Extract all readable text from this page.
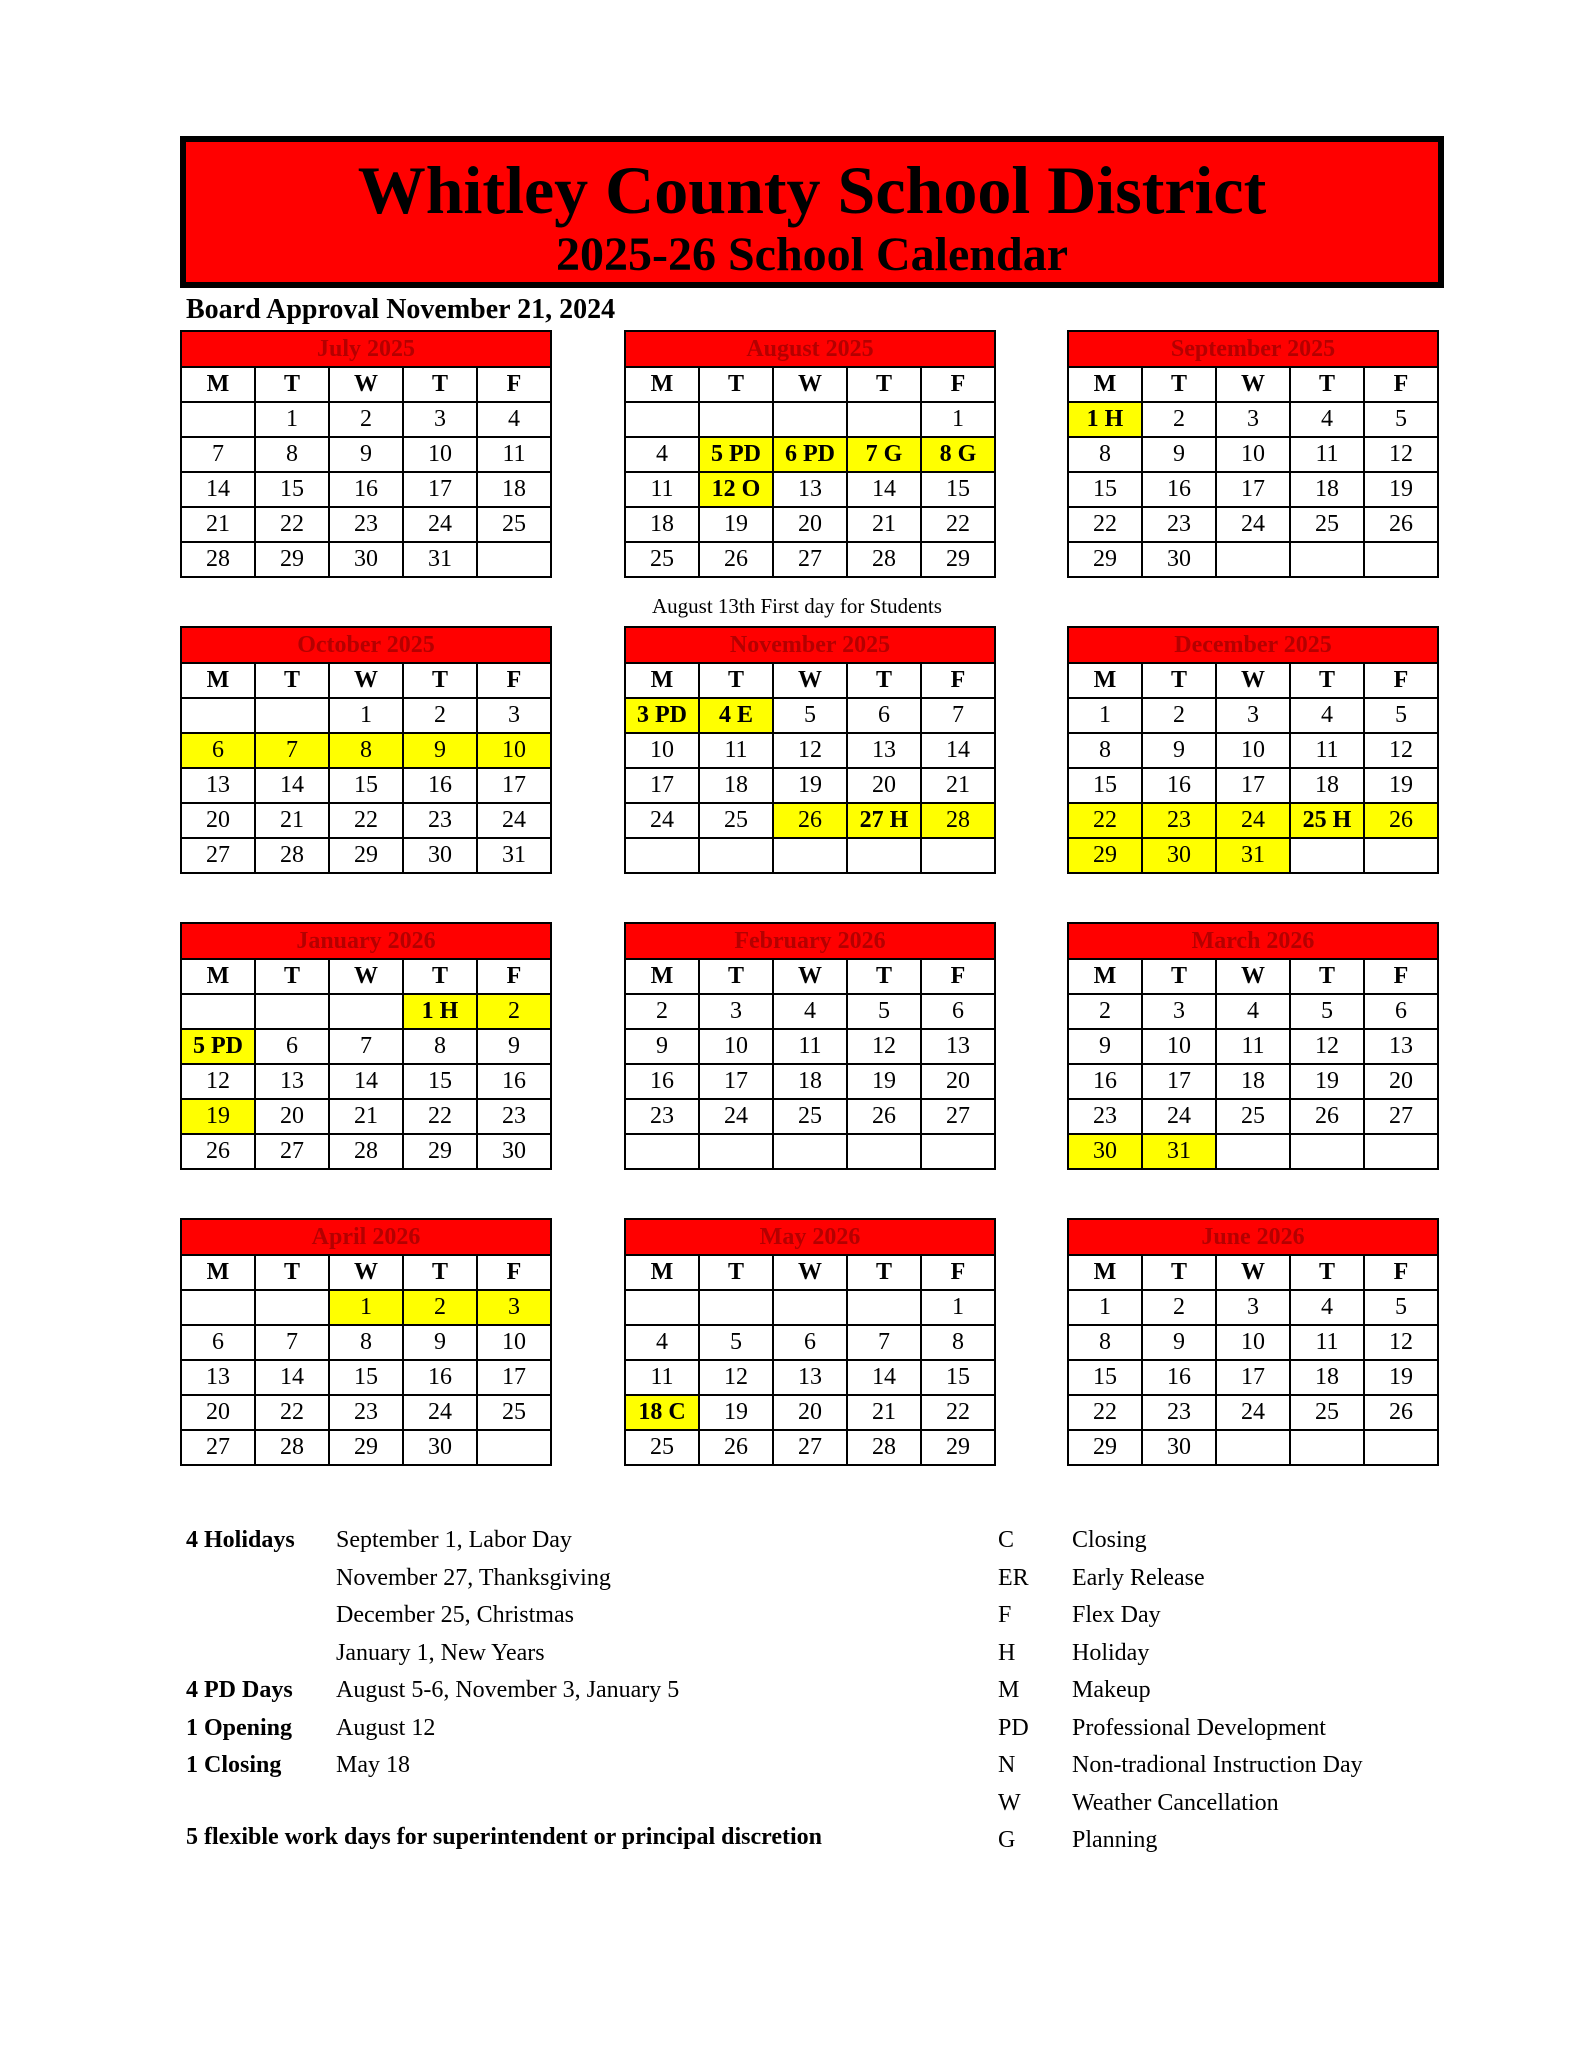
Whitley County School District
2025-26 School Calendar
Board Approval November 21, 2024
July 2025
M	T	W	T	F
	1	2	3	4
7	8	9	10	11
14	15	16	17	18
21	22	23	24	25
28	29	30	31	
August 2025
M	T	W	T	F
				1
4	5 PD	6 PD	7 G	8 G
11	12 O	13	14	15
18	19	20	21	22
25	26	27	28	29
September 2025
M	T	W	T	F
1 H	2	3	4	5
8	9	10	11	12
15	16	17	18	19
22	23	24	25	26
29	30			
October 2025
M	T	W	T	F
		1	2	3
6	7	8	9	10
13	14	15	16	17
20	21	22	23	24
27	28	29	30	31
November 2025
M	T	W	T	F
3 PD	4 E	5	6	7
10	11	12	13	14
17	18	19	20	21
24	25	26	27 H	28

December 2025
M	T	W	T	F
1	2	3	4	5
8	9	10	11	12
15	16	17	18	19
22	23	24	25 H	26
29	30	31		
January 2026
M	T	W	T	F
			1 H	2
5 PD	6	7	8	9
12	13	14	15	16
19	20	21	22	23
26	27	28	29	30
February 2026
M	T	W	T	F
2	3	4	5	6
9	10	11	12	13
16	17	18	19	20
23	24	25	26	27

March 2026
M	T	W	T	F
2	3	4	5	6
9	10	11	12	13
16	17	18	19	20
23	24	25	26	27
30	31			
April 2026
M	T	W	T	F
		1	2	3
6	7	8	9	10
13	14	15	16	17
20	22	23	24	25
27	28	29	30	
May 2026
M	T	W	T	F
				1
4	5	6	7	8
11	12	13	14	15
18 C	19	20	21	22
25	26	27	28	29
June 2026
M	T	W	T	F
1	2	3	4	5
8	9	10	11	12
15	16	17	18	19
22	23	24	25	26
29	30			
August 13th First day for Students
4 Holidays	September 1, Labor Day
November 27, Thanksgiving
December 25, Christmas
January 1, New Years
4 PD Days	August 5-6, November 3, January 5
1 Opening	August 12
1 Closing	May 18
5 flexible work days for superintendent or principal discretion
C	Closing
ER	Early Release
F	Flex Day
H	Holiday
M	Makeup
PD	Professional Development
N	Non-tradional Instruction Day
W	Weather Cancellation
G	Planning
